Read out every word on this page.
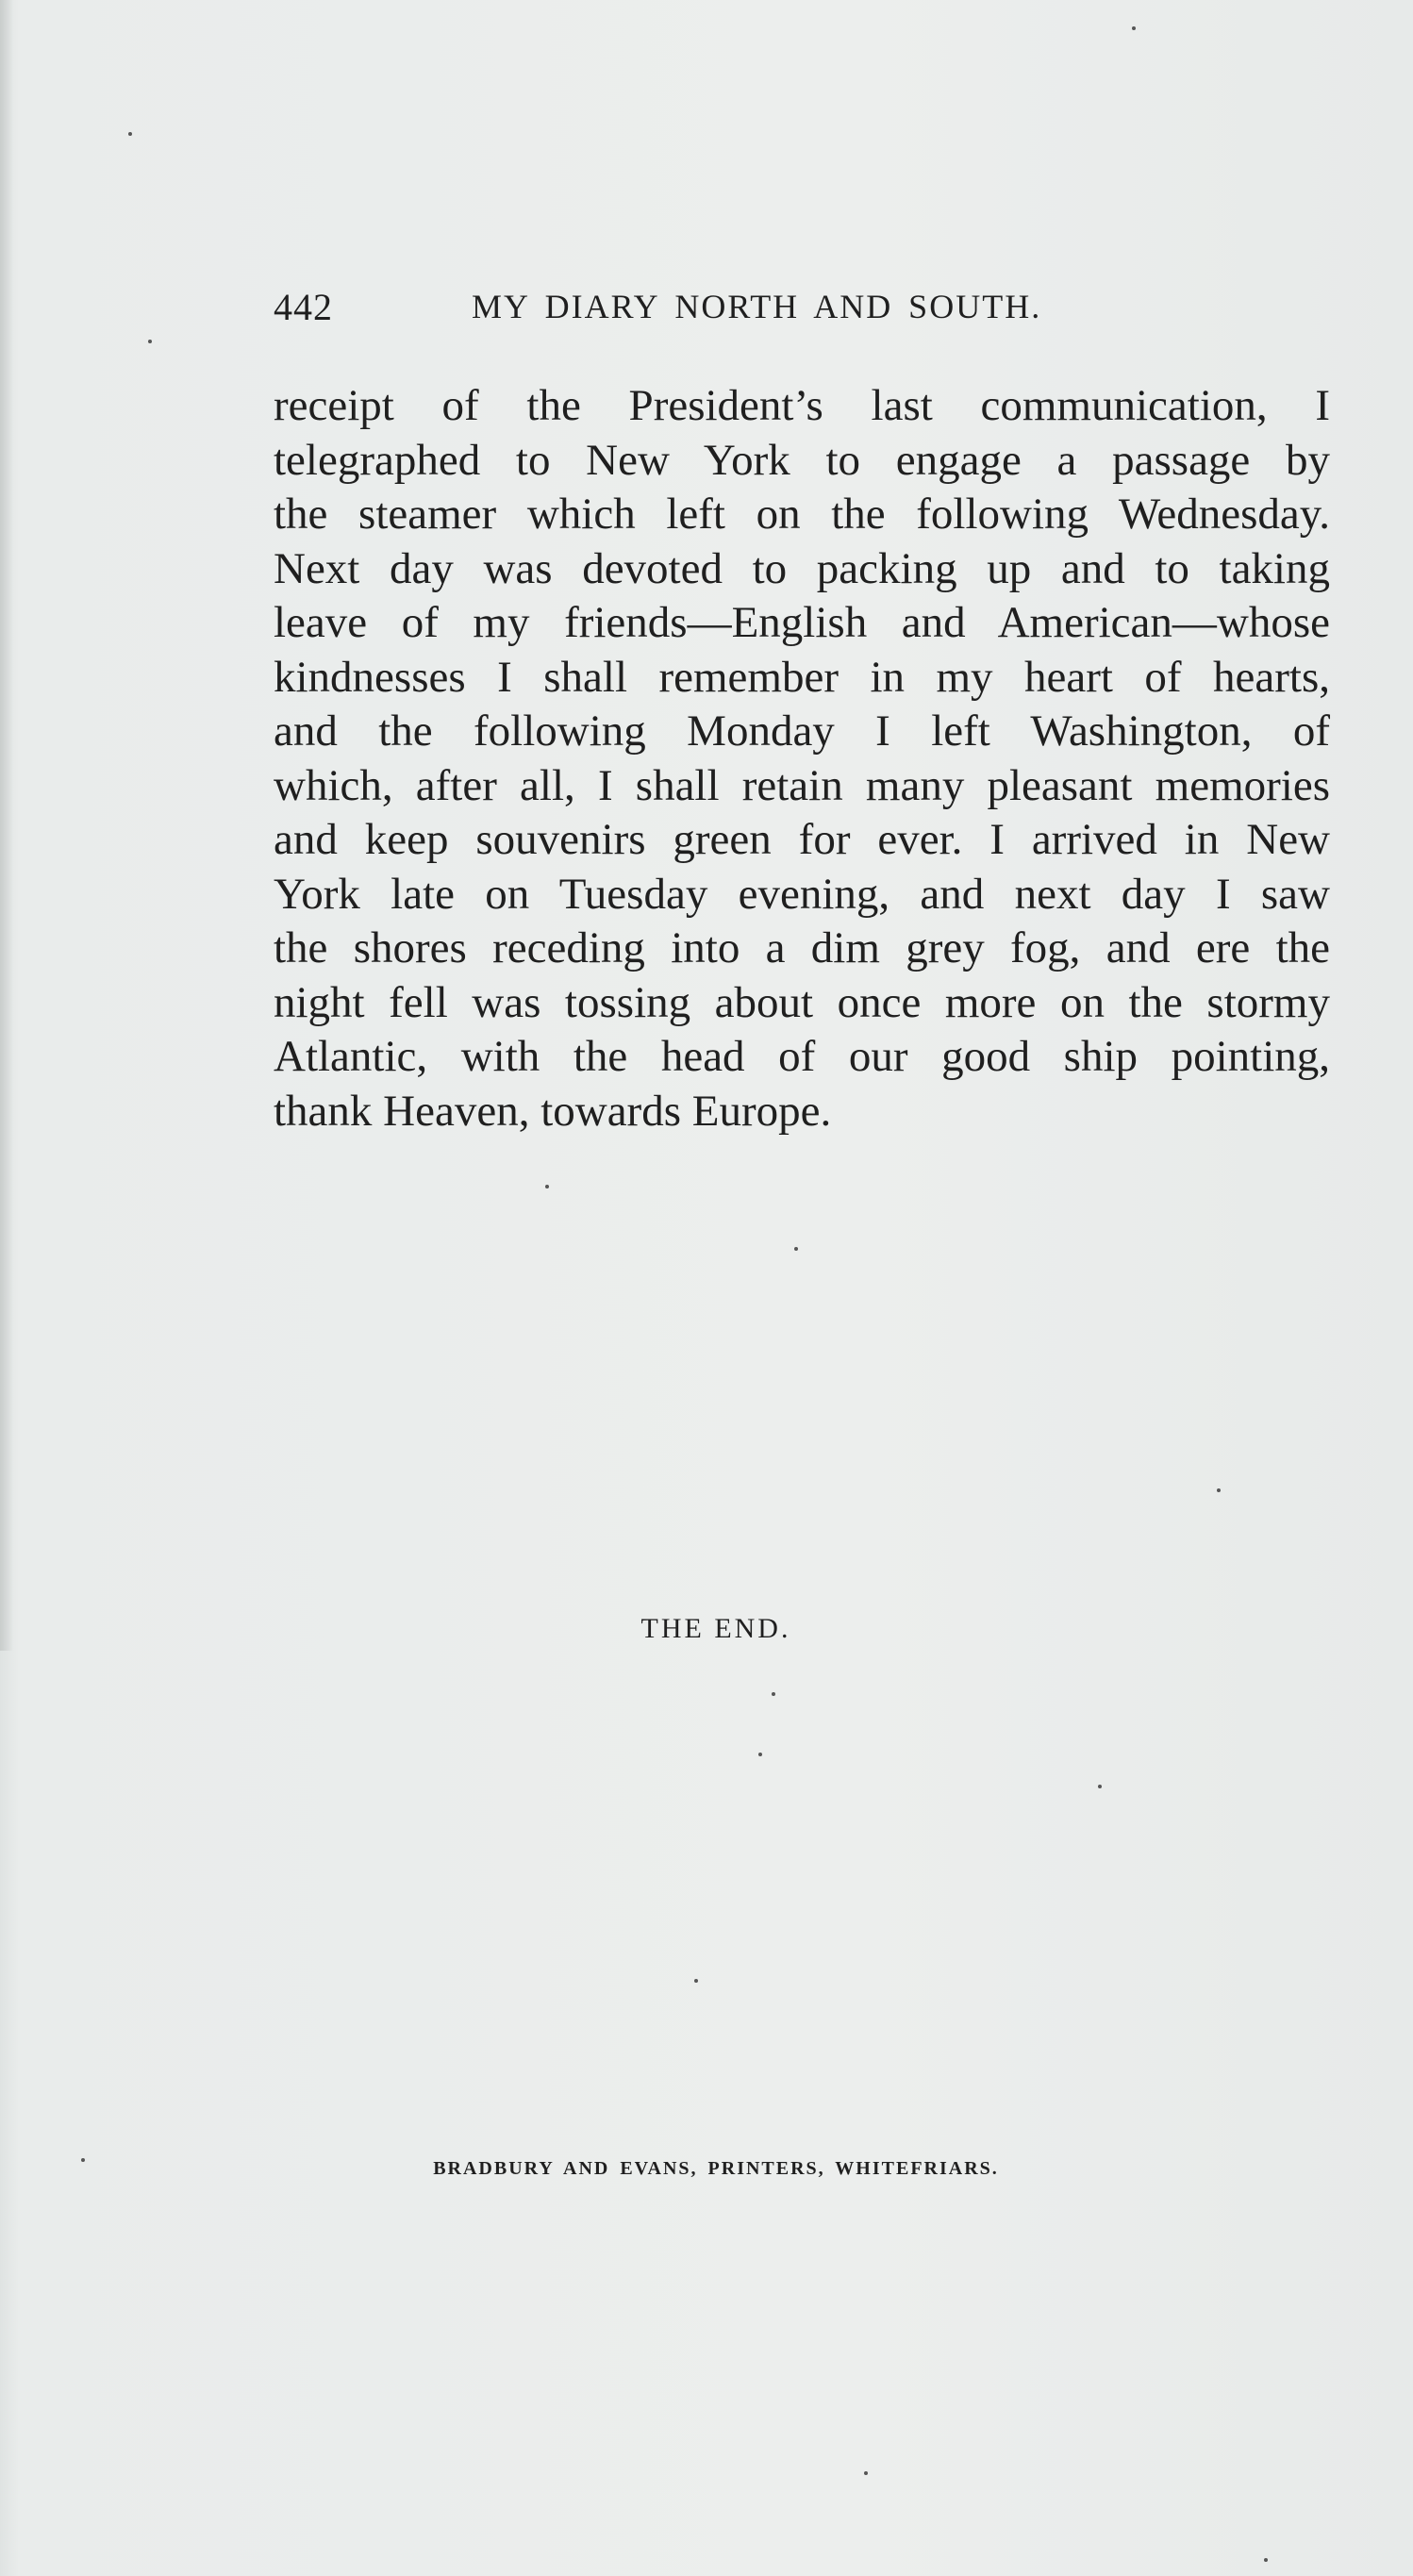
442	MY DIARY NORTH AND SOUTH.
receipt of the President’s last communication, I
telegraphed to New York to engage a passage by
the steamer which left on the following Wednesday.
Next day was devoted to packing up and to taking
leave of my friends—English and American—whose
kindnesses I shall remember in my heart of hearts,
and the following Monday I left Washington, of
which, after all, I shall retain many pleasant memories
and keep souvenirs green for ever. I arrived in New
York late on Tuesday evening, and next day I saw
the shores receding into a dim grey fog, and ere the
night fell was tossing about once more on the stormy
Atlantic, with the head of our good ship pointing,
thank Heaven, towards Europe.
THE END.
BRADBURY AND EVANS, PRINTERS, WHITEFRIARS.
